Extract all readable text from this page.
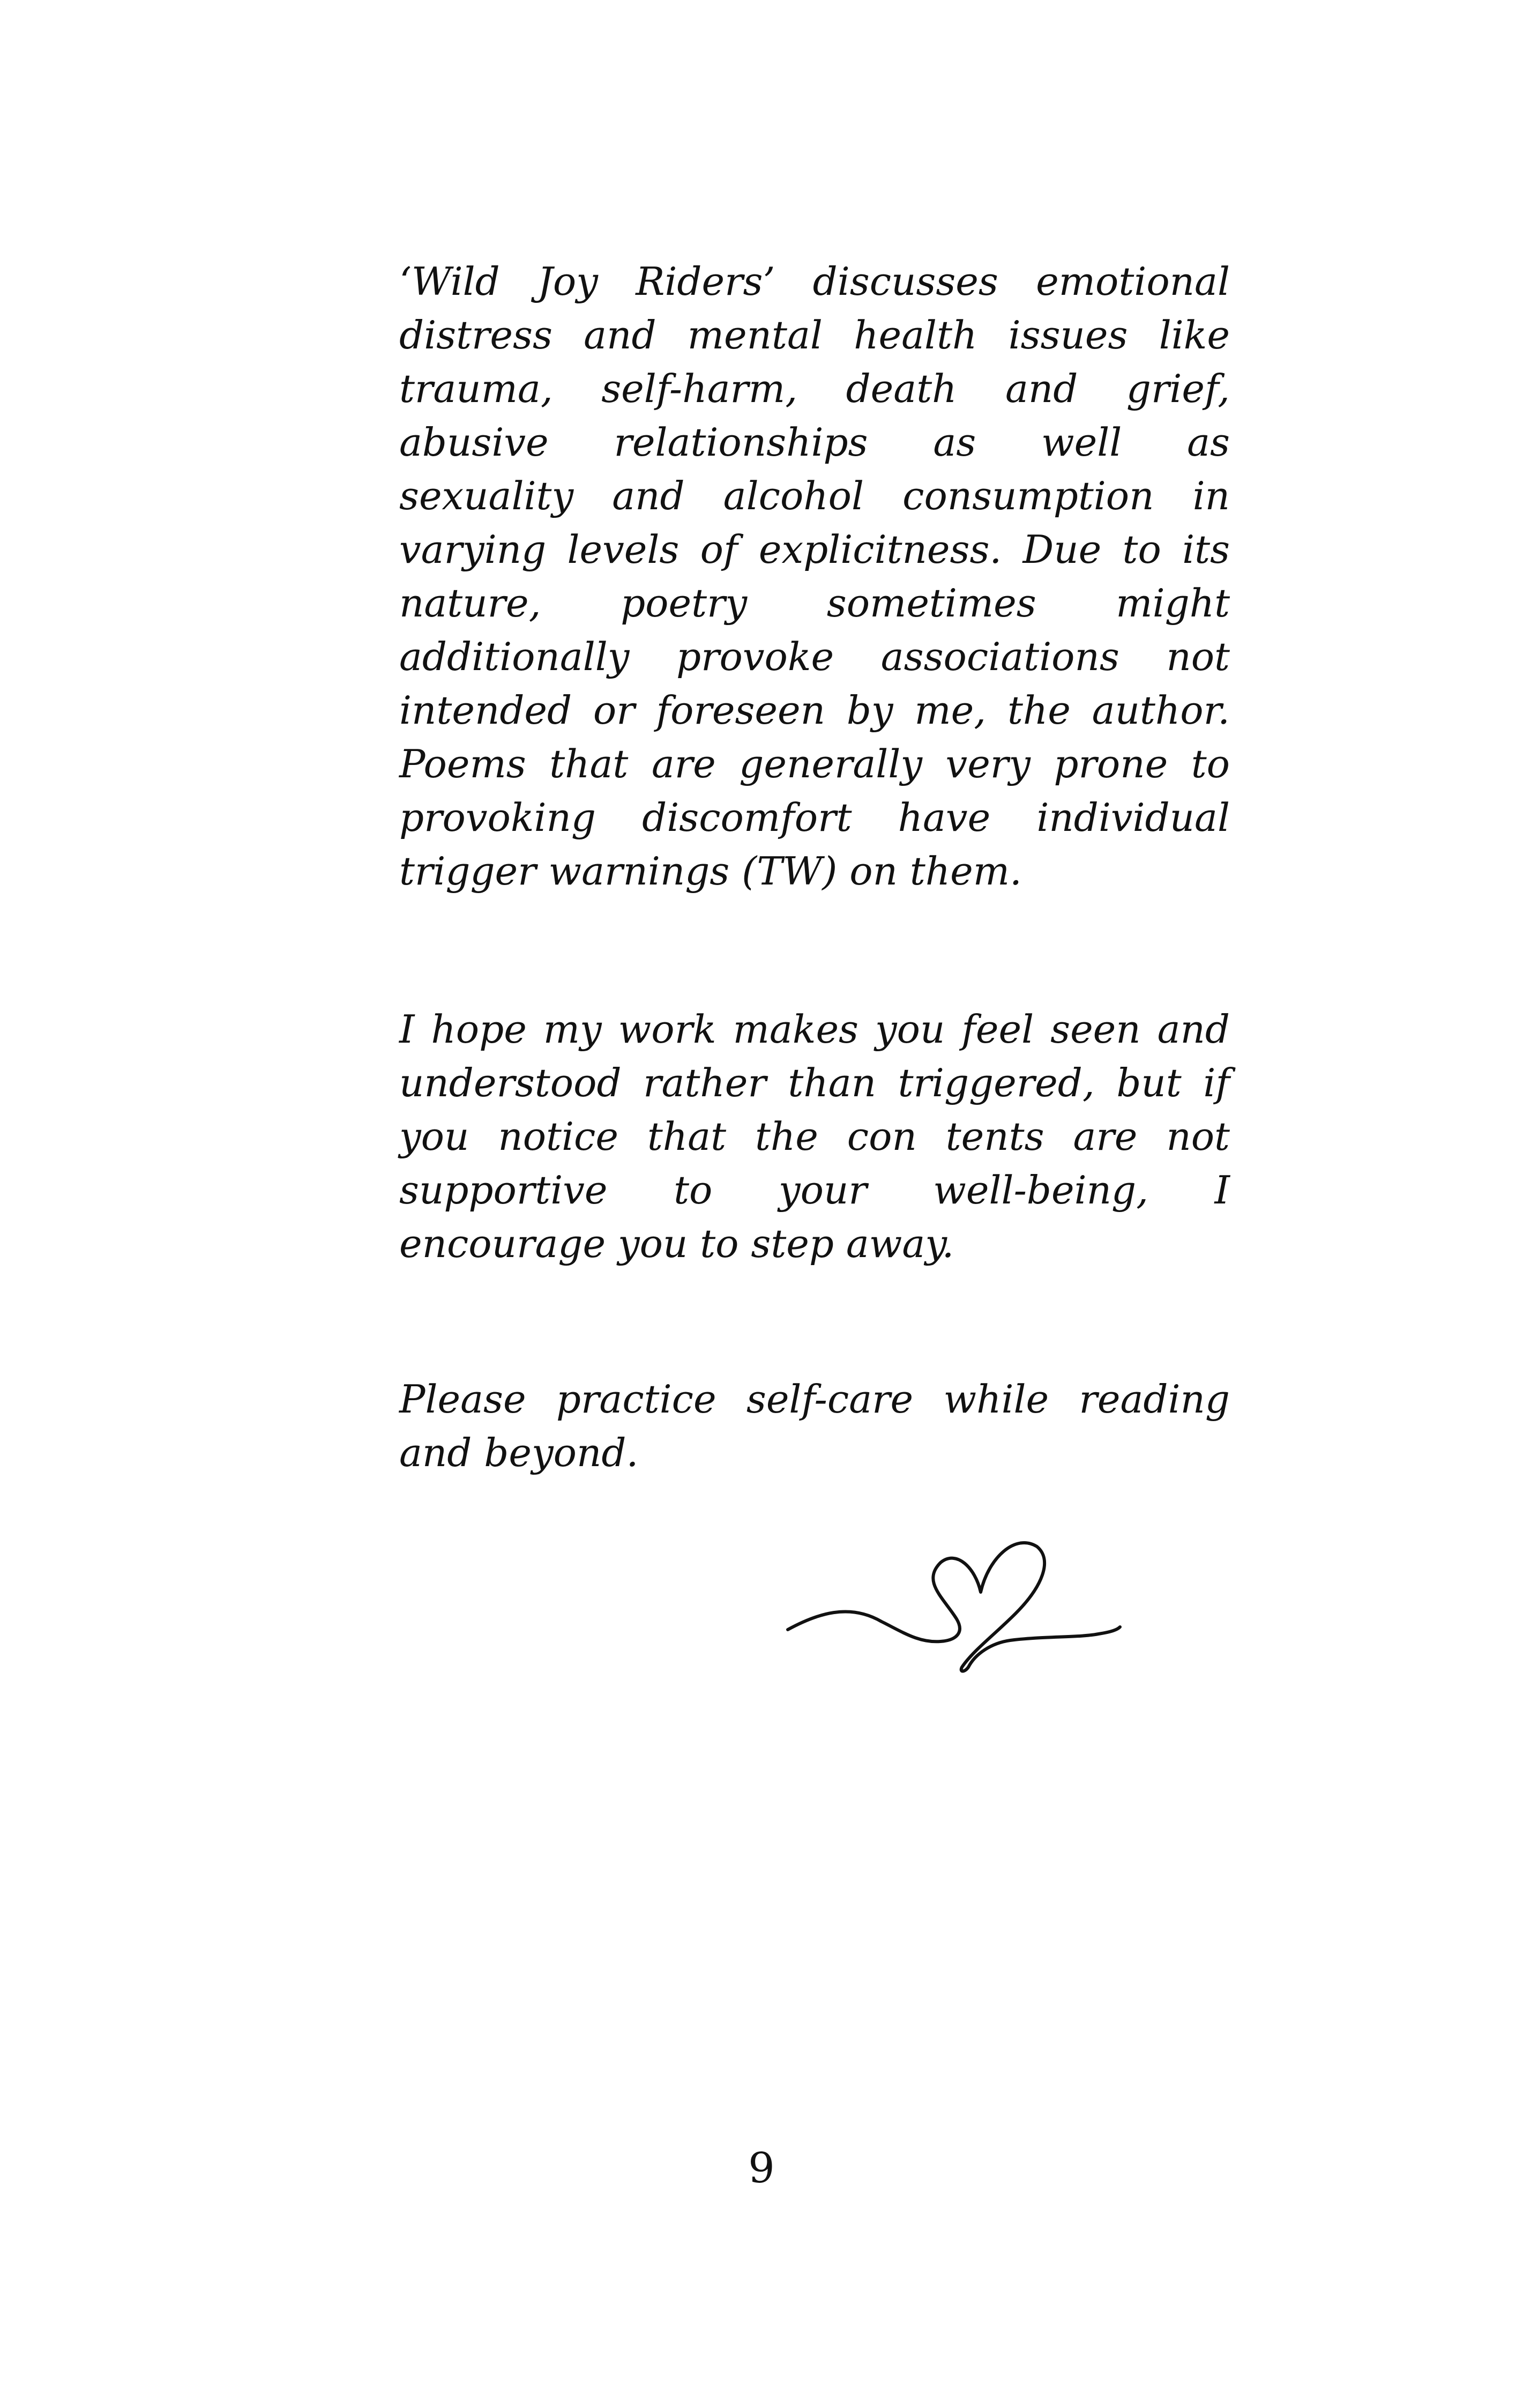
‘Wild Joy Riders’ discusses emotional
distress and mental health issues like
trauma, self-harm, death and grief,
abusive relationships as well as
sexuality and alcohol consumption in
varying levels of explicitness. Due to its
nature, poetry sometimes might
additionally provoke associations not
intended or foreseen by me, the author.
Poems that are generally very prone to
provoking discomfort have individual
trigger warnings (TW) on them.
I hope my work makes you feel seen and
understood rather than triggered, but if
you notice that the con tents are not
supportive to your well-being, I
encourage you to step away.
Please practice self-care while reading
and beyond.
9
